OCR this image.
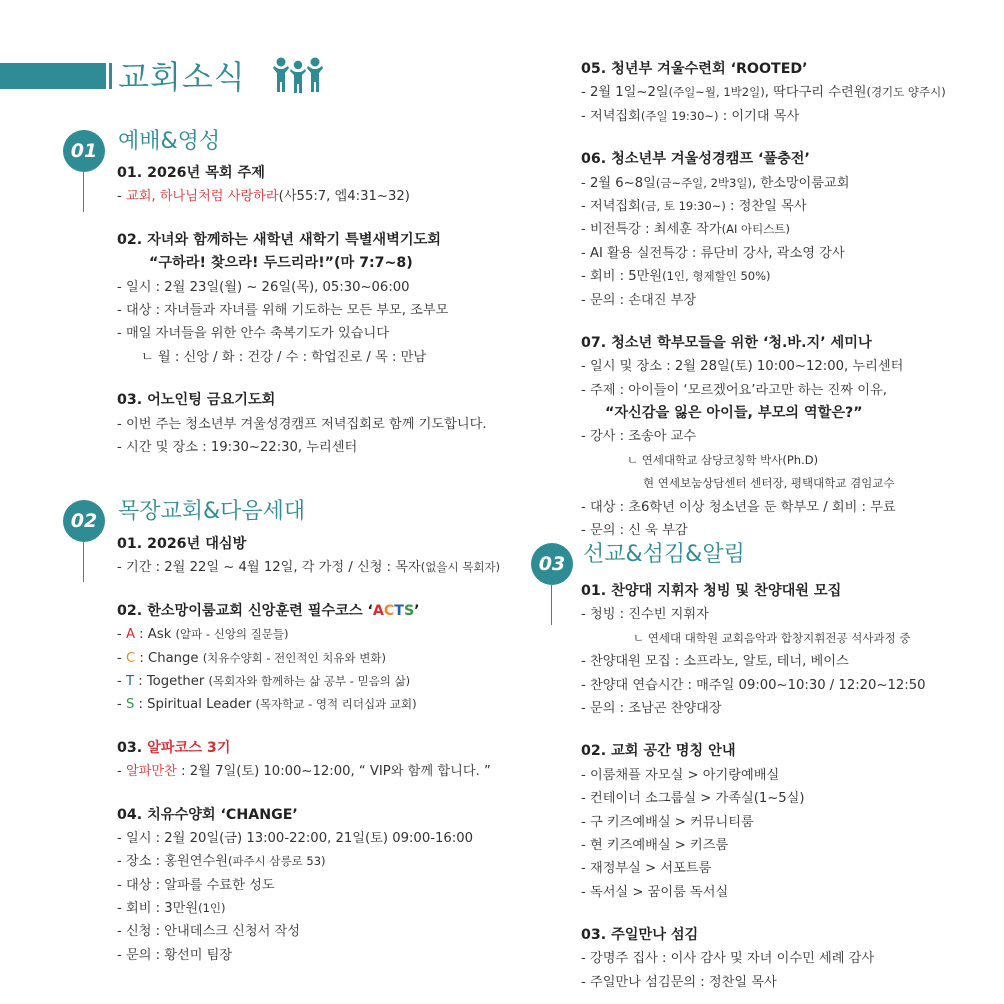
교회소식
01 예배&영성
01. 2026년 목회 주제
- 교회, 하나님처럼 사랑하라(사55:7, 엡4:31~32)
02. 자녀와 함께하는 새학년 새학기 특별새벽기도회
“구하라! 찾으라! 두드리라!”(마 7:7~8)
- 일시 : 2월 23일(월) ~ 26일(목), 05:30~06:00
- 대상 : 자녀들과 자녀를 위해 기도하는 모든 부모, 조부모
- 매일 자녀들을 위한 안수 축복기도가 있습니다
ㄴ 월 : 신앙 / 화 : 건강 / 수 : 학업진로 / 목 : 만남
03. 어노인팅 금요기도회
- 이번 주는 청소년부 겨울성경캠프 저녁집회로 함께 기도합니다.
- 시간 및 장소 : 19:30~22:30, 누리센터
02 목장교회&다음세대
01. 2026년 대심방
- 기간 : 2월 22일 ~ 4월 12일, 각 가정 / 신청 : 목자(없을시 목회자)
02. 한소망이룸교회 신앙훈련 필수코스 ‘ACTS’
- A : Ask (알파 - 신앙의 질문들)
- C : Change (치유수양회 - 전인적인 치유와 변화)
- T : Together (목회자와 함께하는 삶 공부 - 믿음의 삶)
- S : Spiritual Leader (목자학교 - 영적 리더십과 교회)
03. 알파코스 3기
- 알파만찬 : 2월 7일(토) 10:00~12:00, “ VIP와 함께 합니다. ”
04. 치유수양회 ‘CHANGE’
- 일시 : 2월 20일(금) 13:00-22:00, 21일(토) 09:00-16:00
- 장소 : 홍원연수원(파주시 삼릉로 53)
- 대상 : 알파를 수료한 성도
- 회비 : 3만원(1인)
- 신청 : 안내데스크 신청서 작성
- 문의 : 황선미 팀장
05. 청년부 겨울수련회 ‘ROOTED’
- 2월 1일~2일(주일~월, 1박2일), 딱다구리 수련원(경기도 양주시)
- 저녁집회(주일 19:30~) : 이기대 목사
06. 청소년부 겨울성경캠프 ‘풀충전’
- 2월 6~8일(금~주일, 2박3일), 한소망이룸교회
- 저녁집회(금, 토 19:30~) : 정찬일 목사
- 비전특강 : 최세훈 작가(AI 아티스트)
- AI 활용 실전특강 : 류단비 강사, 곽소영 강사
- 회비 : 5만원(1인, 형제할인 50%)
- 문의 : 손대진 부장
07. 청소년 학부모들을 위한 ‘청.바.지’ 세미나
- 일시 및 장소 : 2월 28일(토) 10:00~12:00, 누리센터
- 주제 : 아이들이 ‘모르겠어요’라고만 하는 진짜 이유,
“자신감을 잃은 아이들, 부모의 역할은?”
- 강사 : 조송아 교수
ㄴ 연세대학교 삼당코칭학 박사(Ph.D)
현 연세보눔상담센터 센터장, 평택대학교 겸임교수
- 대상 : 초6학년 이상 청소년을 둔 학부모 / 회비 : 무료
- 문의 : 신 욱 부감
03 선교&섬김&알림
01. 찬양대 지휘자 청빙 및 찬양대원 모집
- 청빙 : 진수빈 지휘자
ㄴ 연세대 대학원 교회음악과 합창지휘전공 석사과정 중
- 찬양대원 모집 : 소프라노, 알토, 테너, 베이스
- 찬양대 연습시간 : 매주일 09:00~10:30 / 12:20~12:50
- 문의 : 조남곤 찬양대장
02. 교회 공간 명칭 안내
- 이룸채플 자모실 > 아기랑예배실
- 컨테이너 소그룹실 > 가족실(1~5실)
- 구 키즈예배실 > 커뮤니티룸
- 현 키즈예배실 > 키즈룸
- 재정부실 > 서포트룸
- 독서실 > 꿈이룸 독서실
03. 주일만나 섬김
- 강명주 집사 : 이사 감사 및 자녀 이수민 세례 감사
- 주일만나 섬김문의 : 정찬일 목사
